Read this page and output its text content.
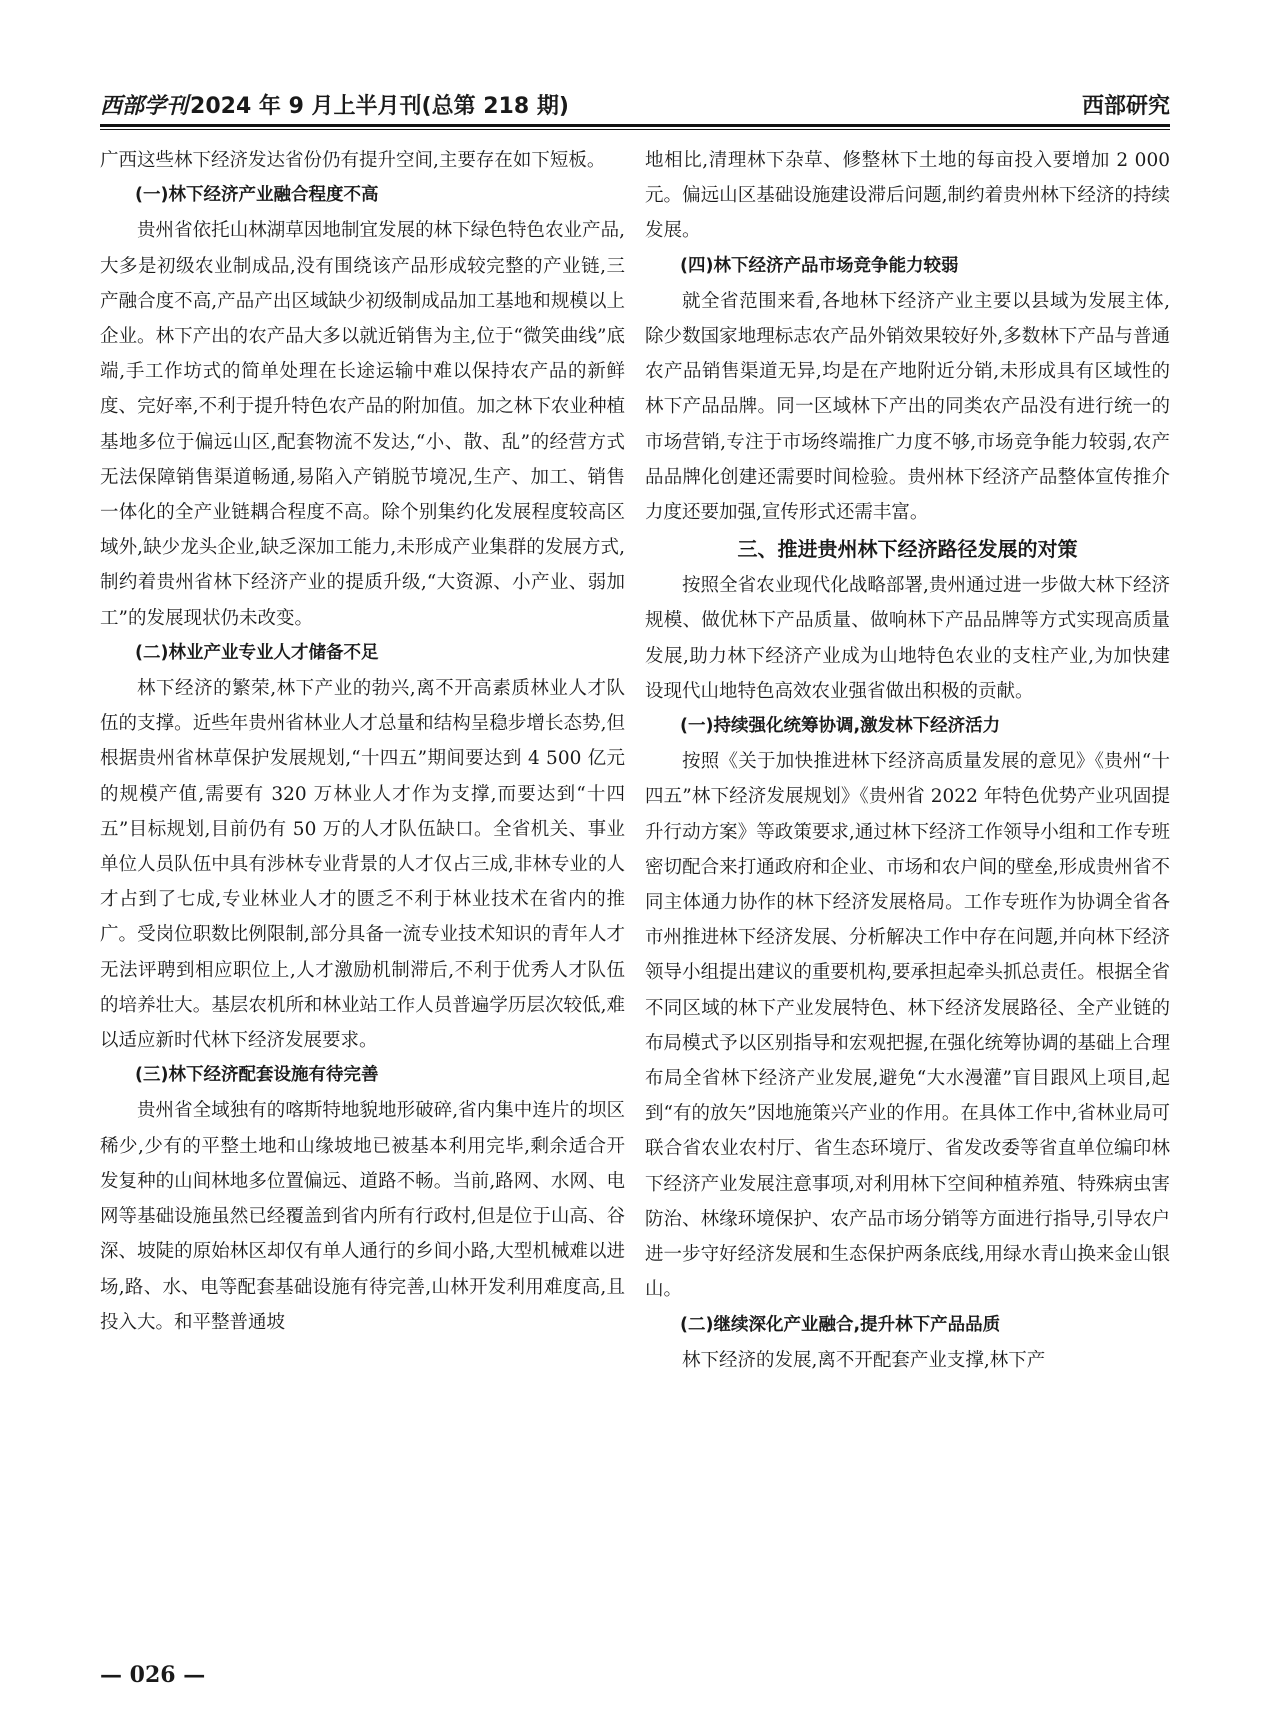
西部学刊2024 年 9 月上半月刊(总第 218 期)	西部研究

广西这些林下经济发达省份仍有提升空间,主要存在如下短板。

(一)林下经济产业融合程度不高

贵州省依托山林湖草因地制宜发展的林下绿色特色农业产品,大多是初级农业制成品,没有围绕该产品形成较完整的产业链,三产融合度不高,产品产出区域缺少初级制成品加工基地和规模以上企业。林下产出的农产品大多以就近销售为主,位于“微笑曲线”底端,手工作坊式的简单处理在长途运输中难以保持农产品的新鲜度、完好率,不利于提升特色农产品的附加值。加之林下农业种植基地多位于偏远山区,配套物流不发达,“小、散、乱”的经营方式无法保障销售渠道畅通,易陷入产销脱节境况,生产、加工、销售一体化的全产业链耦合程度不高。除个别集约化发展程度较高区域外,缺少龙头企业,缺乏深加工能力,未形成产业集群的发展方式,制约着贵州省林下经济产业的提质升级,“大资源、小产业、弱加工”的发展现状仍未改变。

(二)林业产业专业人才储备不足

林下经济的繁荣,林下产业的勃兴,离不开高素质林业人才队伍的支撑。近些年贵州省林业人才总量和结构呈稳步增长态势,但根据贵州省林草保护发展规划,“十四五”期间要达到 4 500 亿元的规模产值,需要有 320 万林业人才作为支撑,而要达到“十四五”目标规划,目前仍有 50 万的人才队伍缺口。全省机关、事业单位人员队伍中具有涉林专业背景的人才仅占三成,非林专业的人才占到了七成,专业林业人才的匮乏不利于林业技术在省内的推广。受岗位职数比例限制,部分具备一流专业技术知识的青年人才无法评聘到相应职位上,人才激励机制滞后,不利于优秀人才队伍的培养壮大。基层农机所和林业站工作人员普遍学历层次较低,难以适应新时代林下经济发展要求。

(三)林下经济配套设施有待完善

贵州省全域独有的喀斯特地貌地形破碎,省内集中连片的坝区稀少,少有的平整土地和山缘坡地已被基本利用完毕,剩余适合开发复种的山间林地多位置偏远、道路不畅。当前,路网、水网、电网等基础设施虽然已经覆盖到省内所有行政村,但是位于山高、谷深、坡陡的原始林区却仅有单人通行的乡间小路,大型机械难以进场,路、水、电等配套基础设施有待完善,山林开发利用难度高,且投入大。和平整普通坡

地相比,清理林下杂草、修整林下土地的每亩投入要增加 2 000 元。偏远山区基础设施建设滞后问题,制约着贵州林下经济的持续发展。

(四)林下经济产品市场竞争能力较弱

就全省范围来看,各地林下经济产业主要以县域为发展主体,除少数国家地理标志农产品外销效果较好外,多数林下产品与普通农产品销售渠道无异,均是在产地附近分销,未形成具有区域性的林下产品品牌。同一区域林下产出的同类农产品没有进行统一的市场营销,专注于市场终端推广力度不够,市场竞争能力较弱,农产品品牌化创建还需要时间检验。贵州林下经济产品整体宣传推介力度还要加强,宣传形式还需丰富。

三、推进贵州林下经济路径发展的对策

按照全省农业现代化战略部署,贵州通过进一步做大林下经济规模、做优林下产品质量、做响林下产品品牌等方式实现高质量发展,助力林下经济产业成为山地特色农业的支柱产业,为加快建设现代山地特色高效农业强省做出积极的贡献。

(一)持续强化统筹协调,激发林下经济活力

按照《关于加快推进林下经济高质量发展的意见》《贵州“十四五”林下经济发展规划》《贵州省 2022 年特色优势产业巩固提升行动方案》等政策要求,通过林下经济工作领导小组和工作专班密切配合来打通政府和企业、市场和农户间的壁垒,形成贵州省不同主体通力协作的林下经济发展格局。工作专班作为协调全省各市州推进林下经济发展、分析解决工作中存在问题,并向林下经济领导小组提出建议的重要机构,要承担起牵头抓总责任。根据全省不同区域的林下产业发展特色、林下经济发展路径、全产业链的布局模式予以区别指导和宏观把握,在强化统筹协调的基础上合理布局全省林下经济产业发展,避免“大水漫灌”盲目跟风上项目,起到“有的放矢”因地施策兴产业的作用。在具体工作中,省林业局可联合省农业农村厅、省生态环境厅、省发改委等省直单位编印林下经济产业发展注意事项,对利用林下空间种植养殖、特殊病虫害防治、林缘环境保护、农产品市场分销等方面进行指导,引导农户进一步守好经济发展和生态保护两条底线,用绿水青山换来金山银山。

(二)继续深化产业融合,提升林下产品品质

林下经济的发展,离不开配套产业支撑,林下产

— 026 —
